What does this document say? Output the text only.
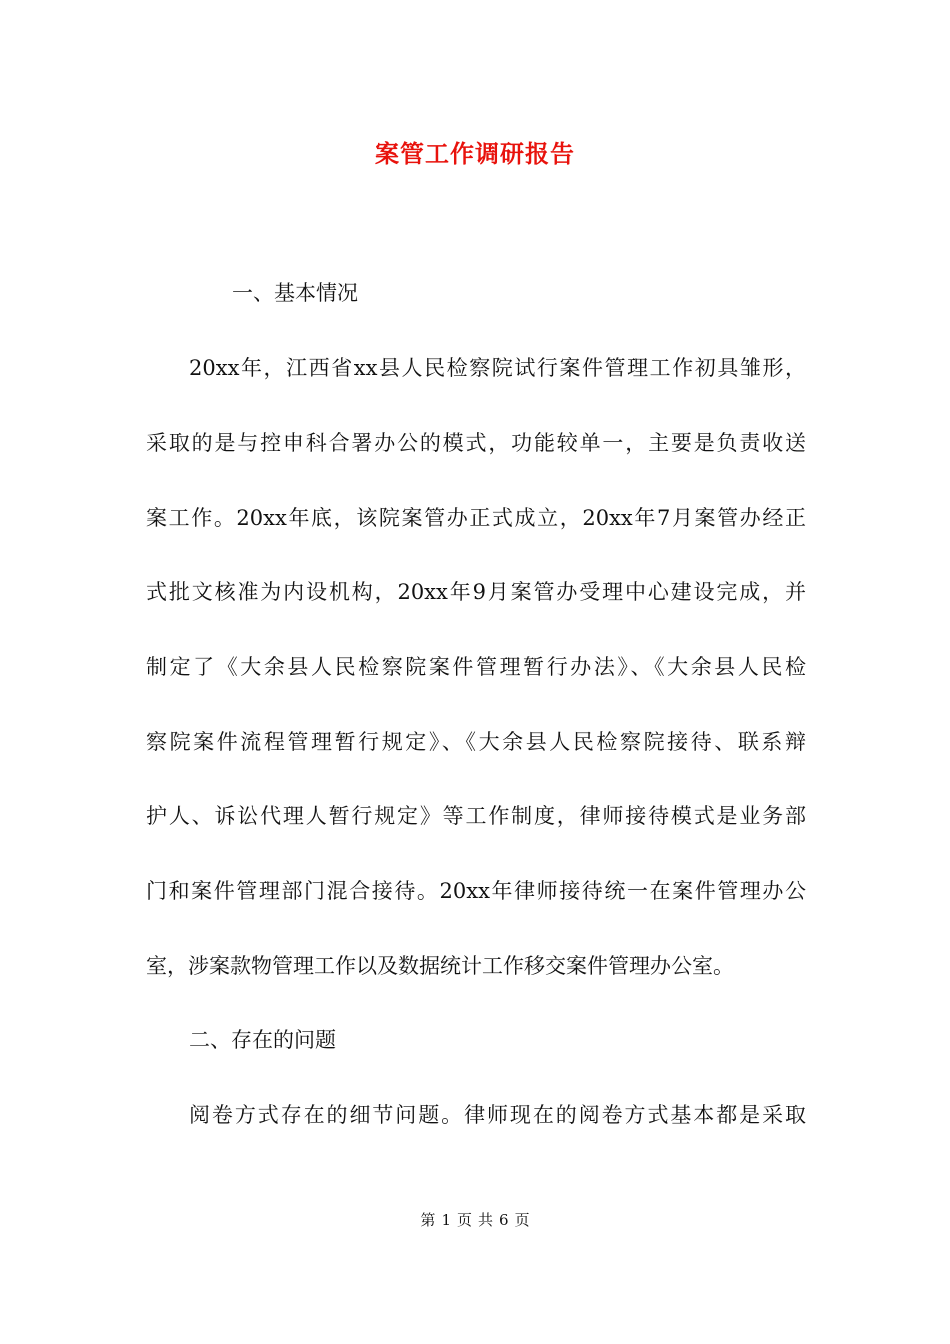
案管工作调研报告
一、基本情况
20xx年，江西省xx县人民检察院试行案件管理工作初具雏形，
采取的是与控申科合署办公的模式，功能较单一，主要是负责收送
案工作。20xx年底，该院案管办正式成立，20xx年7月案管办经正
式批文核准为内设机构，20xx年9月案管办受理中心建设完成，并
制定了《大余县人民检察院案件管理暂行办法》、《大余县人民检
察院案件流程管理暂行规定》、《大余县人民检察院接待、联系辩
护人、诉讼代理人暂行规定》等工作制度，律师接待模式是业务部
门和案件管理部门混合接待。20xx年律师接待统一在案件管理办公
室，涉案款物管理工作以及数据统计工作移交案件管理办公室。
二、存在的问题
阅卷方式存在的细节问题。律师现在的阅卷方式基本都是采取
第 1 页 共 6 页
